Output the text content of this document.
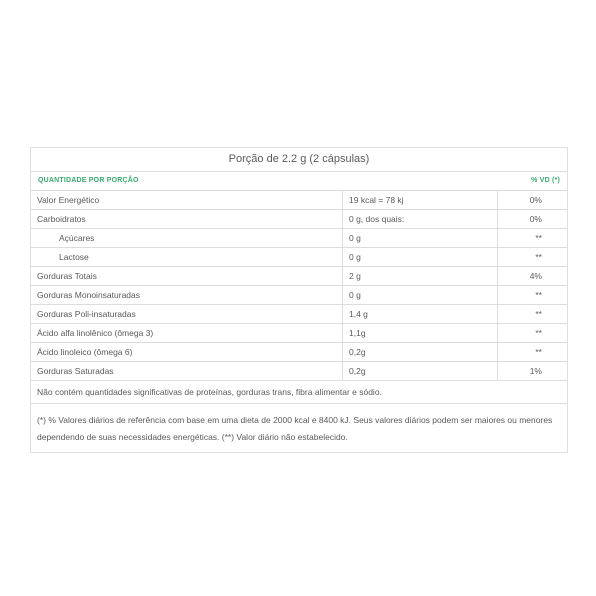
Porção de 2.2 g (2 cápsulas)
QUANTIDADE POR PORÇÃO	% VD (*)
Valor Energético	19 kcal = 78 kj	0%
Carboidratos	0 g, dos quais:	0%
Açúcares	0 g	**
Lactose	0 g	**
Gorduras Totais	2 g	4%
Gorduras Monoinsaturadas	0 g	**
Gorduras Poli-insaturadas	1,4 g	**
Ácido alfa linolênico (ômega 3)	1,1g	**
Ácido linoleico (ômega 6)	0,2g	**
Gorduras Saturadas	0,2g	1%
Não contém quantidades significativas de proteínas, gorduras trans, fibra alimentar e sódio.
(*) % Valores diários de referência com base em uma dieta de 2000 kcal e 8400 kJ. Seus valores diários podem ser maiores ou menores dependendo de suas necessidades energéticas. (**) Valor diário não estabelecido.
